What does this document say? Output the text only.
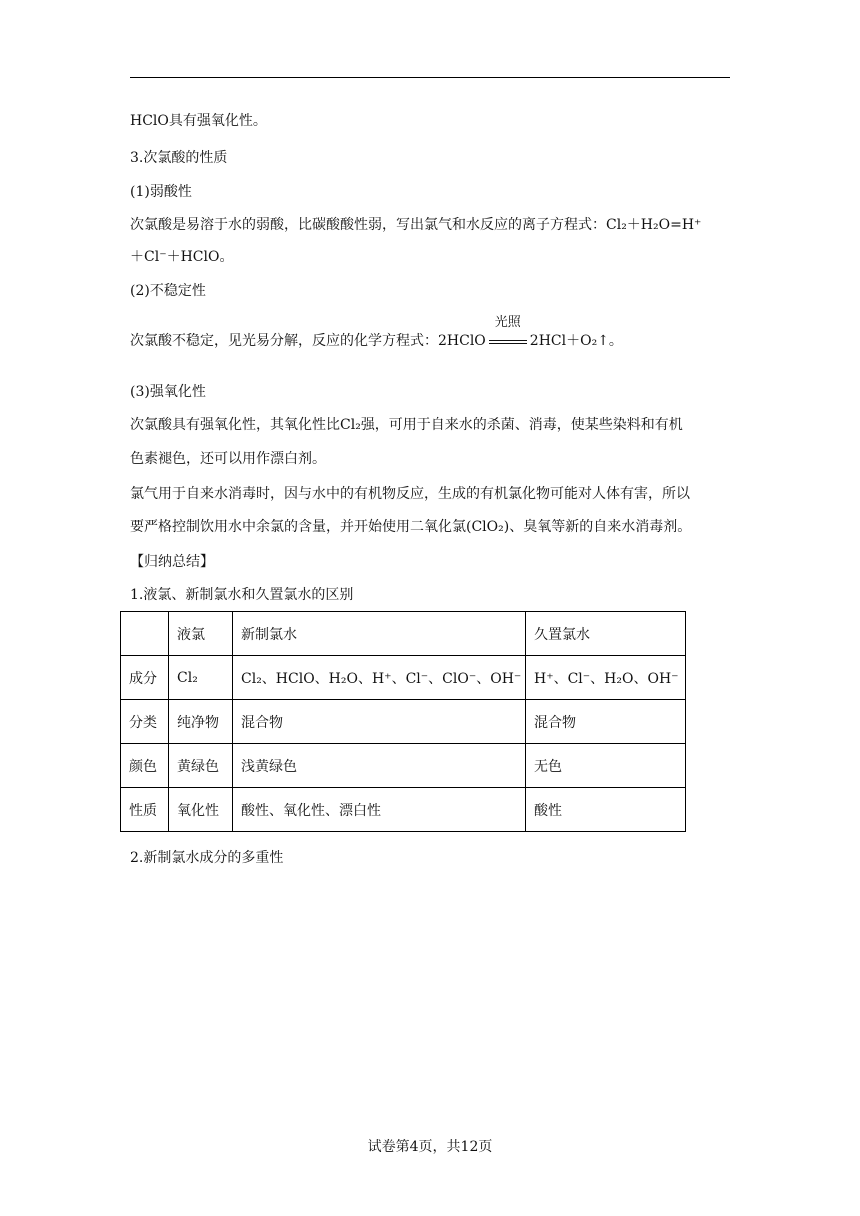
HClO具有强氧化性。
3.次氯酸的性质
(1)弱酸性
次氯酸是易溶于水的弱酸，比碳酸酸性弱，写出氯气和水反应的离子方程式：Cl₂＋H₂O=H⁺
＋Cl⁻＋HClO。
(2)不稳定性
次氯酸不稳定，见光易分解，反应的化学方程式：2HClO
光照
2HCl＋O₂↑。
(3)强氧化性
次氯酸具有强氧化性，其氧化性比Cl₂强，可用于自来水的杀菌、消毒，使某些染料和有机
色素褪色，还可以用作漂白剂。
氯气用于自来水消毒时，因与水中的有机物反应，生成的有机氯化物可能对人体有害，所以
要严格控制饮用水中余氯的含量，并开始使用二氧化氯(ClO₂)、臭氧等新的自来水消毒剂。
【归纳总结】
1.液氯、新制氯水和久置氯水的区别
	液氯	新制氯水	久置氯水
成分	Cl₂	Cl₂、HClO、H₂O、H⁺、Cl⁻、ClO⁻、OH⁻	H⁺、Cl⁻、H₂O、OH⁻
分类	纯净物	混合物	混合物
颜色	黄绿色	浅黄绿色	无色
性质	氧化性	酸性、氧化性、漂白性	酸性
2.新制氯水成分的多重性
试卷第4页，共12页
